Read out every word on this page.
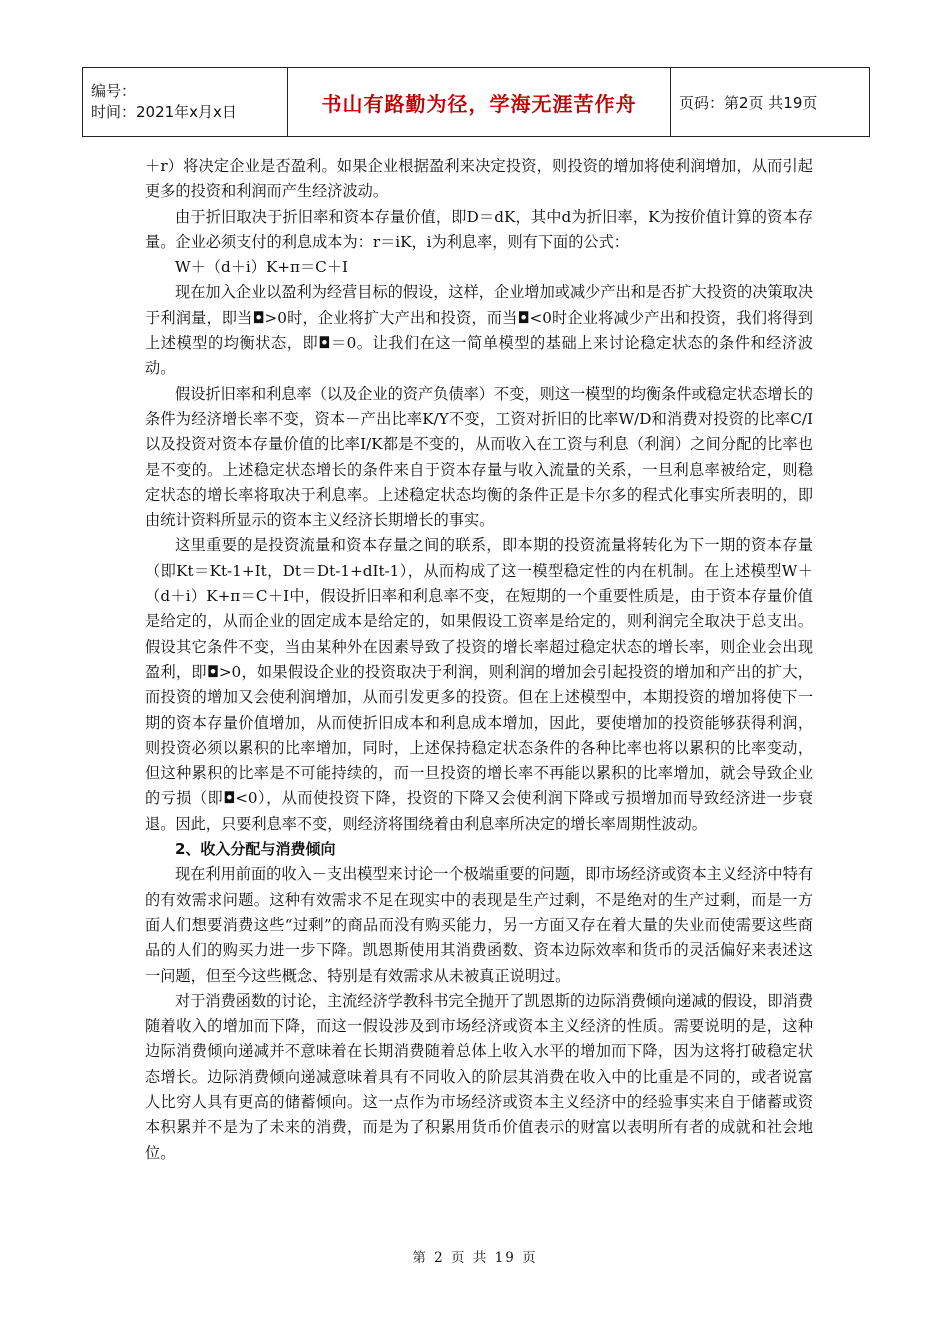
编号：
时间：2021年x月x日	书山有路勤为径，学海无涯苦作舟	页码：第2页 共19页

＋r）将决定企业是否盈利。如果企业根据盈利来决定投资，则投资的增加将使利润增加，从而引起更多的投资和利润而产生经济波动。

由于折旧取决于折旧率和资本存量价值，即D＝dK，其中d为折旧率，K为按价值计算的资本存量。企业必须支付的利息成本为：r＝iK，i为利息率，则有下面的公式：

W＋（d＋i）K+π＝C＋I

现在加入企业以盈利为经营目标的假设，这样，企业增加或减少产出和是否扩大投资的决策取决于利润量，即当◘>0时，企业将扩大产出和投资，而当◘<0时企业将减少产出和投资，我们将得到上述模型的均衡状态，即◘＝0。让我们在这一简单模型的基础上来讨论稳定状态的条件和经济波动。

假设折旧率和利息率（以及企业的资产负债率）不变，则这一模型的均衡条件或稳定状态增长的条件为经济增长率不变，资本－产出比率K/Y不变，工资对折旧的比率W/D和消费对投资的比率C/I以及投资对资本存量价值的比率I/K都是不变的，从而收入在工资与利息（利润）之间分配的比率也是不变的。上述稳定状态增长的条件来自于资本存量与收入流量的关系，一旦利息率被给定，则稳定状态的增长率将取决于利息率。上述稳定状态均衡的条件正是卡尔多的程式化事实所表明的，即由统计资料所显示的资本主义经济长期增长的事实。

这里重要的是投资流量和资本存量之间的联系，即本期的投资流量将转化为下一期的资本存量（即Kt＝Kt-1+It，Dt＝Dt-1+dIt-1），从而构成了这一模型稳定性的内在机制。在上述模型W＋（d＋i）K+π＝C＋I中，假设折旧率和利息率不变，在短期的一个重要性质是，由于资本存量价值是给定的，从而企业的固定成本是给定的，如果假设工资率是给定的，则利润完全取决于总支出。假设其它条件不变，当由某种外在因素导致了投资的增长率超过稳定状态的增长率，则企业会出现盈利，即◘>0，如果假设企业的投资取决于利润，则利润的增加会引起投资的增加和产出的扩大，而投资的增加又会使利润增加，从而引发更多的投资。但在上述模型中，本期投资的增加将使下一期的资本存量价值增加，从而使折旧成本和利息成本增加，因此，要使增加的投资能够获得利润，则投资必须以累积的比率增加，同时，上述保持稳定状态条件的各种比率也将以累积的比率变动，但这种累积的比率是不可能持续的，而一旦投资的增长率不再能以累积的比率增加，就会导致企业的亏损（即◘<0），从而使投资下降，投资的下降又会使利润下降或亏损增加而导致经济进一步衰退。因此，只要利息率不变，则经济将围绕着由利息率所决定的增长率周期性波动。

2、收入分配与消费倾向

现在利用前面的收入－支出模型来讨论一个极端重要的问题，即市场经济或资本主义经济中特有的有效需求问题。这种有效需求不足在现实中的表现是生产过剩，不是绝对的生产过剩，而是一方面人们想要消费这些“过剩”的商品而没有购买能力，另一方面又存在着大量的失业而使需要这些商品的人们的购买力进一步下降。凯恩斯使用其消费函数、资本边际效率和货币的灵活偏好来表述这一问题，但至今这些概念、特别是有效需求从未被真正说明过。

对于消费函数的讨论，主流经济学教科书完全抛开了凯恩斯的边际消费倾向递减的假设，即消费随着收入的增加而下降，而这一假设涉及到市场经济或资本主义经济的性质。需要说明的是，这种边际消费倾向递减并不意味着在长期消费随着总体上收入水平的增加而下降，因为这将打破稳定状态增长。边际消费倾向递减意味着具有不同收入的阶层其消费在收入中的比重是不同的，或者说富人比穷人具有更高的储蓄倾向。这一点作为市场经济或资本主义经济中的经验事实来自于储蓄或资本积累并不是为了未来的消费，而是为了积累用货币价值表示的财富以表明所有者的成就和社会地位。

第 2 页 共 19 页
